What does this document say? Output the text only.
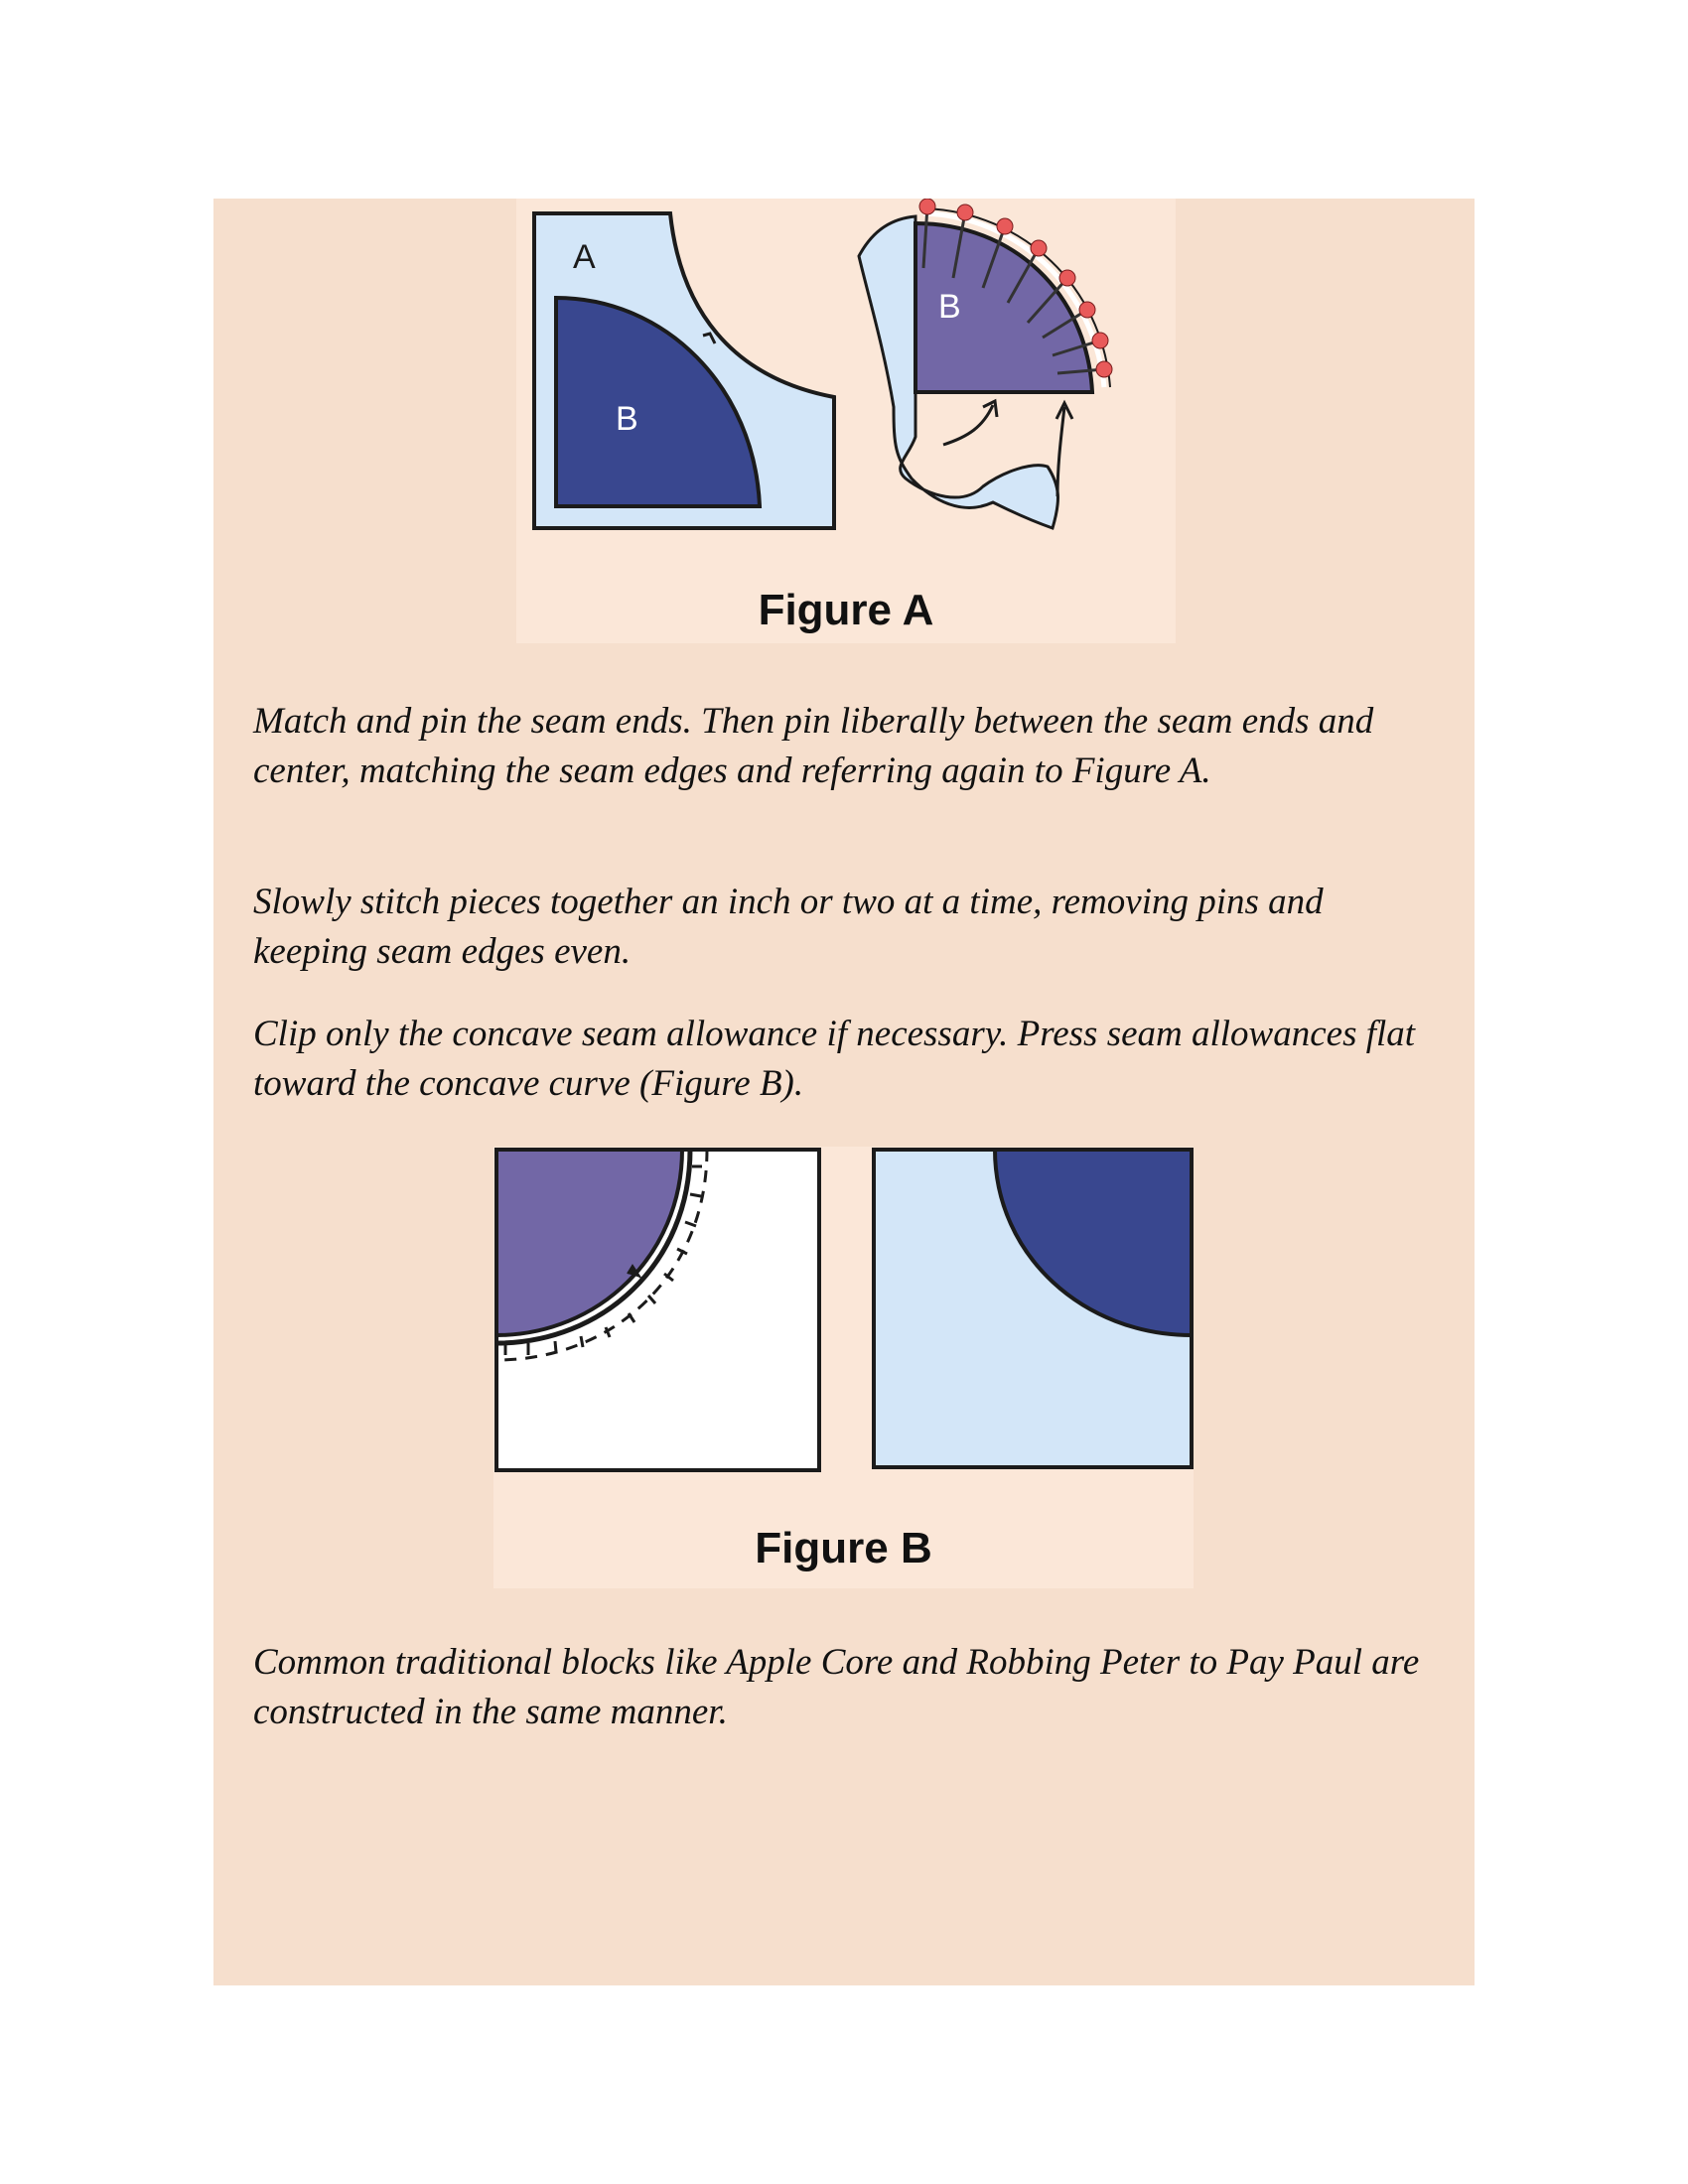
A
B
B
Figure A

Match and pin the seam ends. Then pin liberally between the seam ends and center, matching the seam edges and referring again to Figure A.

Slowly stitch pieces together an inch or two at a time, removing pins and keeping seam edges even.

Clip only the concave seam allowance if necessary. Press seam allowances flat toward the concave curve (Figure B).

Figure B

Common traditional blocks like Apple Core and Robbing Peter to Pay Paul are constructed in the same manner.
